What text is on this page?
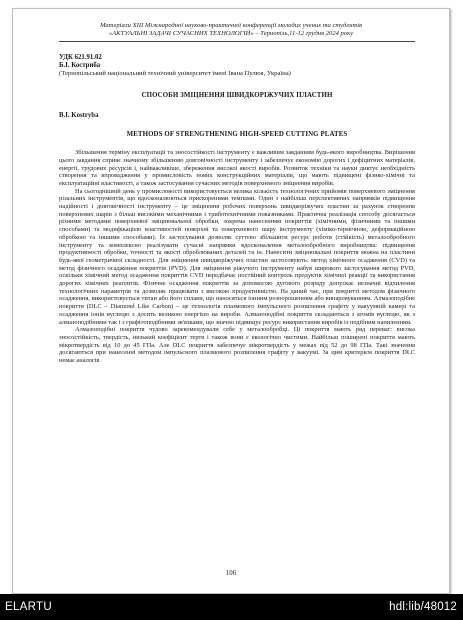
Матеріали XIII Міжнародної науково-практичної конференції молодих учених та студентів
«АКТУАЛЬНІ ЗАДАЧІ СУЧАСНИХ ТЕХНОЛОГІЙ» – Тернопіль,11-12 грудня 2024 року
УДК 621.91.02
Б.І. Костриба
(Тернопільський національний технічний університет імені Івана Пулюя, Україна)
СПОСОБИ ЗМІЦНЕННЯ ШВИДКОРІЖУЧИХ ПЛАСТИН
B.I. Kostryba
METHODS OF STRENGTHENING HIGH-SPEED CUTTING PLATES

Збільшення терміну експлуатації та зносостійкості інструменту є важливим завданням будь-якого виробництва. Вирішення цього завдання сприяє значному збільшенню довговічності інструменту і забезпечує економію дорогих і дефіцитних матеріалів, енергії, трудових ресурсів і, найважливіше, збереження високої якості виробів. Розвиток техніки та науки диктує необхідність створення та впровадження у промисловість нових конструкційних матеріалів, що мають підвищені фізико-хімічні та експлуатаційні властивості, а також застосування сучасних методів поверхневого зміцнення виробів.

На сьогоднішній день у промисловості використовується велика кількість технологічних прийомів поверхневого зміцнення різальних інструментів, що вдосконалюються прискореними темпами. Один з найбільш перспективних напрямків підвищення надійності і довговічності інструменту – це зміцнення робочих поверхонь швидкоріжучих пластин за рахунок створення поверхневих шарів з більш високими механічними і триботехнічними показниками. Практична реалізація способу досягається різними методами поверхневої зміцнювальної обробки, зокрема нанесенням покриттів (хімічними, фізичними та іншими способами) та модифікацією властивостей поверхні та поверхневого шару інструменту (хіміко-термічною, деформаційною обробкою та іншими способами). Їх застосування дозволяє суттєво збільшити ресурс роботи (стійкість) металообробного інструменту та комплексно реалізувати сучасні напрямки вдосконалення металообробного виробництва: підвищення продуктивності обробки, точності та якості оброблюваних деталей та ін. Нанесити зміцнювальні покриття можна на пластини будь-якої геометричної складності. Для зміцнення швидкоріжучих пластин застосовують: метод хімічного осадження (CVD) та метод фізичного осадження покриттів (PVD). Для зміцнення ріжучого інструменту набув широкого застосування метод PVD, оскільки хімічний метод осадження покриттів CVD передбачає постійний контроль продуктів хімічної реакції та використання дорогих хімічних реагентів. Фізичне осадження покриттів за допомогою дугового розряду допускає незначні відхилення технологічних параметрів та дозволяє працювати з високою продуктивністю. На даний час, при покритті методом фізичного осадження, використовується титан або його сплави, що наносяться іонним розпорошенням або випаровуванням. Алмазоподібне покриття (DLC – Diamond Like Carbon) – це технологія плазмового імпульсного розпилення графіту у вакуумній камері та осадження іонів вуглецю з досить великою енергією на вироби. Алмазоподібні покриття складаються з атомів вуглецю, як з алмазоподібними так і з графітоподібними зв'язками, що значно підвищує ресурс використання виробів із подібним напиленням.

Алмазоподібні покриття чудово зарекомендували себе у металообробці. Ці покриття мають ряд переваг: висока зносостійкість, твердість, низький коефіцієнт тертя і також вони є екологічно чистими. Найбільш поширені покриття мають мікротвердість від 10 до 45 ГПа. Але DLC покриття забезпечує мікротвердість у межах від 52 до 98 ГПа. Такі значення досягаються при нанесенні методом імпульсного плазмового розпилення графіту у вакуумі. За цим критерієм покриття DLC немає аналогів.

106
ELARTU	hdl:lib/48012
